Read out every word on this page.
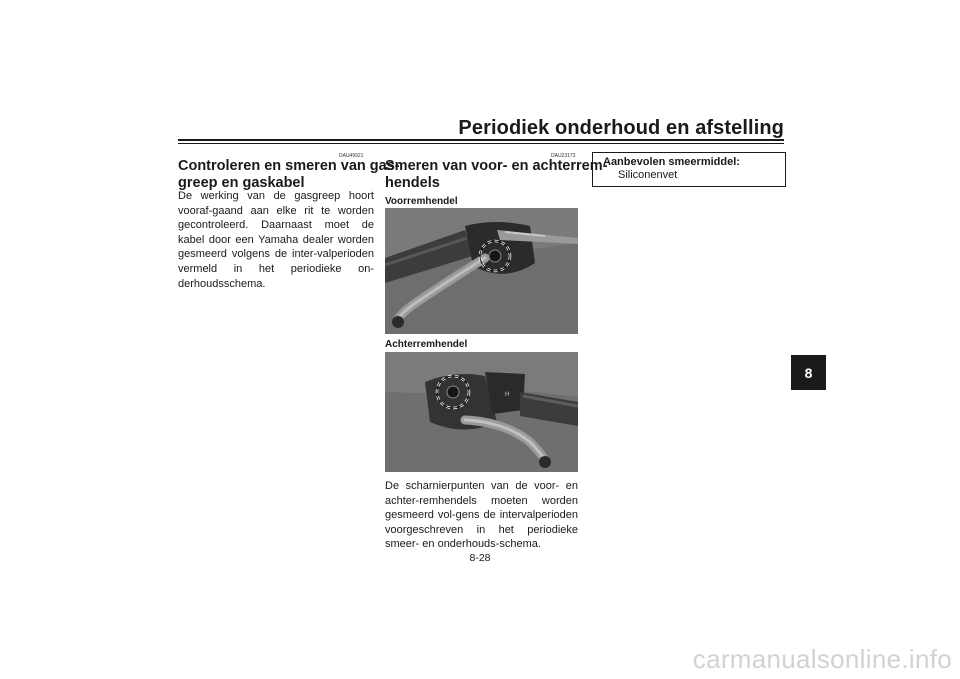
Periodiek onderhoud en afstelling
DAU49921
Controleren en smeren van gas-
greep en gaskabel

De werking van de gasgreep hoort vooraf-gaand aan elke rit te worden gecontroleerd. Daarnaast moet de kabel door een Yamaha dealer worden gesmeerd volgens de inter-valperioden vermeld in het periodieke on-derhoudsschema.

DAU23173
Smeren van voor- en achterrem-
hendels
Voorremhendel
Achterremhendel
H

De scharnierpunten van de voor- en achter-remhendels moeten worden gesmeerd vol-gens de intervalperioden voorgeschreven in het periodieke smeer- en onderhouds-schema.

Aanbevolen smeermiddel:
Siliconenvet
8
8-28
carmanualsonline.info
